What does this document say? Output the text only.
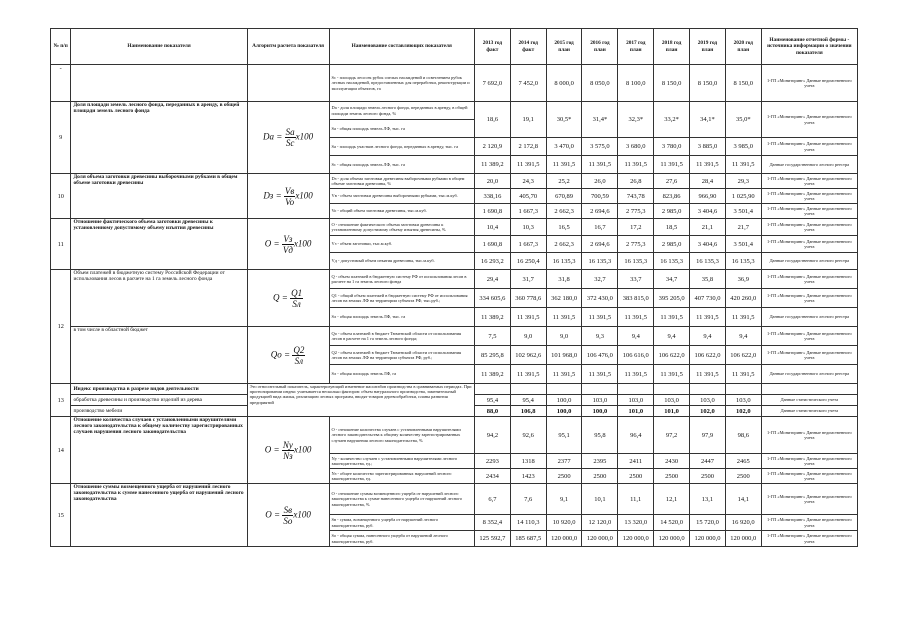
№ п/п	Наименование показателя	Алгоритм расчета показателя	Наименование составляющих показателя	2013 год факт	2014 год факт	2015 год план	2016 год план	2017 год план	2018 год план	2019 год план	2020 год план	Наименование отчетной формы - источника информации о значении показателя
-			Sc - площадь лесосек рубок спелых насаждений и осветлением рубок лесных насаждений, предоставленных для переработки, реконструкции и эксплуатации объектов, га	7 692,0	7 452,0	8 000,0	8 050,0	8 100,0	8 150,0	8 150,0	8 150,0	1-ГП «Мониторинг» Данные ведомственного учета
9	Доля площади земель лесного фонда, переданных в аренду, в общей площади земель лесного фонда	$Da = \frac{Sa}{Sc} x100$	Da - доля площади земель лесного фонда, переданных в аренду, в общей площади земель лесного фонда, %	18,6	19,1	30,5*	31,4*	32,3*	33,2*	34,1*	35,0*	1-ГП «Мониторинг» Данные ведомственного учета
			Sa - общая площадь земель ЛФ, тыс. га									
			Sa - площадь участков лесного фонда, переданных в аренду, тыс. га	2 120,9	2 172,8	3 470,0	3 575,0	3 680,0	3 780,0	3 885,0	3 985,0	1-ГП «Мониторинг» Данные ведомственного учета
			Sc - общая площадь земель ЛФ, тыс. га	11 389,2	11 391,5	11 391,5	11 391,5	11 391,5	11 391,5	11 391,5	11 391,5	Данные государственного лесного реестра
10	Доля объема заготовки древесины выборочными рубками в общем объеме заготовки древесины	Dз = $\frac{Vв}{Vo} x100$	Dз - доля объема заготовки древесины выборочными рубками в общем объеме заготовки древесины, %	20,0	24,3	25,2	26,0	26,8	27,6	28,4	29,3	1-ГП «Мониторинг» Данные ведомственного учета
			Vв - объем заготовки древесины выборочными рубками, тыс.м.куб.	338,16	405,70	670,89	700,59	743,78	823,86	966,90	1 025,90	1-ГП «Мониторинг» Данные ведомственного учета
			Vo - общий объем заготовки древесины, тыс.м.куб.	1 690,8	1 667,3	2 662,3	2 694,6	2 775,3	2 985,0	3 404,6	3 501,4	1-ГП «Мониторинг» Данные ведомственного учета
11	Отношение фактического объема заготовки древесины к установленному допустимому объему изъятия древесины	$O = \frac{Vз}{Vд} x100$	O - отношение фактического объема заготовки древесины к установленному допустимому объему изъятия древесины, %	10,4	10,3	16,5	16,7	17,2	18,5	21,1	21,7	1-ГП «Мониторинг» Данные ведомственного учета
			Vз - объем заготовки, тыс.м.куб.	1 690,8	1 667,3	2 662,3	2 694,6	2 775,3	2 985,0	3 404,6	3 501,4	1-ГП «Мониторинг» Данные ведомственного учета
			Vд - допустимый объем изъятия древесины, тыс.м.куб.	16 293,2	16 250,4	16 135,3	16 135,3	16 135,3	16 135,3	16 135,3	16 135,3	Данные государственного лесного реестра
12	Объем платежей в бюджетную систему Российской Федерации от использования лесов в расчете на 1 га земель лесного фонда	$Q = \frac{Q1}{Sл}$	Q - объем платежей в бюджетную систему РФ от использования лесов в расчете на 1 га земель лесного фонда	29,4	31,7	31,8	32,7	33,7	34,7	35,8	36,9	1-ГП «Мониторинг» Данные ведомственного учета
			Q1 - общий объем платежей в бюджетную систему РФ от использования лесов на землях ЛФ на территории субъекта РФ, тыс.руб.;	334 605,6	360 778,6	362 180,0	372 430,0	383 815,0	395 205,0	407 730,0	420 260,0	1-ГП «Мониторинг» Данные ведомственного учета
			Sл - общая площадь земель ЛФ, тыс. га	11 389,2	11 391,5	11 391,5	11 391,5	11 391,5	11 391,5	11 391,5	11 391,5	Данные государственного лесного реестра
	в том числе в областной бюджет	$Qo = \frac{Q2}{Sл}$	Qo - объем платежей в бюджет Тюменской области от использования лесов в расчете на 1 га земель лесного фонда;	7,5	9,0	9,0	9,3	9,4	9,4	9,4	9,4	1-ГП «Мониторинг» Данные ведомственного учета
			Q2 - объем платежей в бюджет Тюменской области от использования лесов на землях ЛФ на территории субъекта РФ, руб.;	85 295,8	102 962,6	101 968,0	106 476,0	106 616,0	106 622,0	106 622,0	106 622,0	1-ГП «Мониторинг» Данные ведомственного учета
			Sл - общая площадь земель ЛФ, га	11 389,2	11 391,5	11 391,5	11 391,5	11 391,5	11 391,5	11 391,5	11 391,5	Данные государственного лесного реестра
13	Индекс производства в разрезе видов деятельности	Это относительный показатель, характеризующий изменение масштабов производства в сравниваемых периодах. При прогнозировании индекс учитывается несколько факторов: объем натурального производства, заменительный продукцией вида жилья, реализацию лесных программ, вводят товаров деревообработки, планы развития предприятий										
	обработка древесины и производство изделий из дерева			95,4	95,4	100,0	103,0	103,0	103,0	103,0	103,0	Данные статистического учета
	производство мебели			88,0	106,8	100,0	100,0	101,0	101,0	102,0	102,0	Данные статистического учета
14	Отношение количества случаев с установленными нарушителями лесного законодательства к общему количеству зарегистрированных случаев нарушения лесного законодательства	$O = \frac{Nу}{Nз} x100$	O - отношение количества случаев с установленными нарушителями лесного законодательства к общему количеству зарегистрированных случаев нарушения лесного законодательства, %	94,2	92,6	95,1	95,8	96,4	97,2	97,9	98,6	1-ГП «Мониторинг» Данные ведомственного учета
			Nу - количество случаев с установленными нарушителями лесного законодательства, ед.;	2293	1318	2377	2395	2411	2430	2447	2465	1-ГП «Мониторинг» Данные ведомственного учета
			Nз - общее количество зарегистрированных нарушений лесного законодательства, ед.	2434	1423	2500	2500	2500	2500	2500	2500	1-ГП «Мониторинг» Данные ведомственного учета
15	Отношение суммы возмещенного ущерба от нарушений лесного законодательства к сумме нанесенного ущерба от нарушений лесного законодательства	$O = \frac{Sв}{Sо} x100$	O - отношение суммы возмещенного ущерба от нарушений лесного законодательства к сумме нанесенного ущерба от нарушений лесного законодательства, %	6,7	7,6	9,1	10,1	11,1	12,1	13,1	14,1	1-ГП «Мониторинг» Данные ведомственного учета
			Sв - сумма, возмещенного ущерба от нарушений лесного законодательства, руб.	8 352,4	14 110,3	10 920,0	12 120,0	13 320,0	14 520,0	15 720,0	16 920,0	1-ГП «Мониторинг» Данные ведомственного учета
			Sо - общая сумма, нанесенного ущерба от нарушений лесного законодательства, руб.	125 592,7	185 687,5	120 000,0	120 000,0	120 000,0	120 000,0	120 000,0	120 000,0	1-ГП «Мониторинг» Данные ведомственного учета
